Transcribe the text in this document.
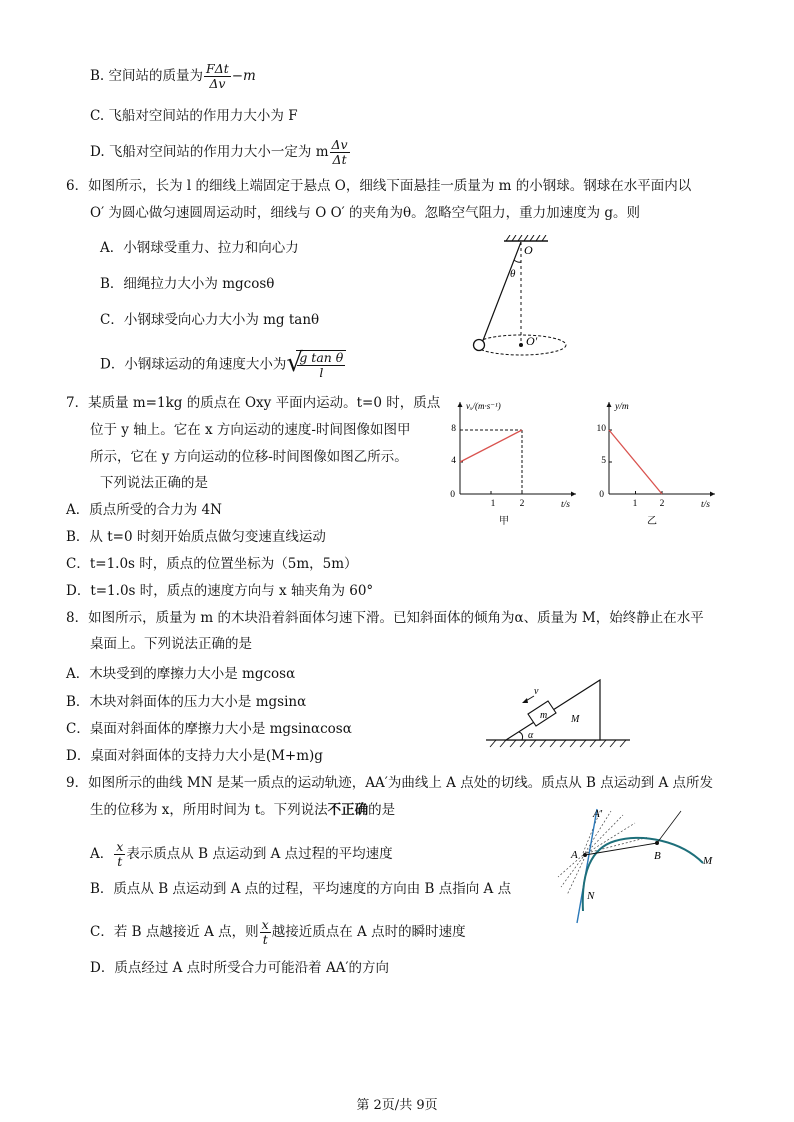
B. 空间站的质量为 $\frac{\text{FΔt}}{\Delta v} -m$
C. 飞船对空间站的作用力大小为 F
D. 飞船对空间站的作用力大小一定为 m $\frac{\Delta v}{\Delta t}$
6．如图所示，长为 l 的细线上端固定于悬点 O，细线下面悬挂一质量为 m 的小钢球。钢球在水平面内以
O′ 为圆心做匀速圆周运动时，细线与 O O′ 的夹角为θ。忽略空气阻力，重力加速度为 g。则
A．小钢球受重力、拉力和向心力
B．细绳拉力大小为 mgcosθ
C．小钢球受向心力大小为 mg tanθ
D．小钢球运动的角速度大小为 √
$\frac{\text{g tan θ}}{l}$
O
θ
O′
7．某质量 m=1kg 的质点在 Oxy 平面内运动。t=0 时，质点
位于 y 轴上。它在 x 方向运动的速度-时间图像如图甲
所示，它在 y 方向运动的位移-时间图像如图乙所示。
下列说法正确的是
A．质点所受的合力为 4N
B．从 t=0 时刻开始质点做匀变速直线运动
C．t=1.0s 时，质点的位置坐标为（5m，5m）
D．t=1.0s 时，质点的速度方向与 x 轴夹角为 60°
vₓ/(m·s⁻¹)
t/s
0
4
8
1	2
甲
y/m
t/s
0
5
10
1 2
乙
8．如图所示，质量为 m 的木块沿着斜面体匀速下滑。已知斜面体的倾角为α、质量为 M，始终静止在水平
桌面上。下列说法正确的是
A．木块受到的摩擦力大小是 mgcosα
B．木块对斜面体的压力大小是 mgsinα
C．桌面对斜面体的摩擦力大小是 mgsinαcosα
D．桌面对斜面体的支持力大小是(M+m)g
v
m M
α
9．如图所示的曲线 MN 是某一质点的运动轨迹，AA′为曲线上 A 点处的切线。质点从 B 点运动到 A 点所发
生的位移为 x，所用时间为 t。下列说法不正确的是
A． $\frac{x}{t}$ 表示质点从 B 点运动到 A 点过程的平均速度
B．质点从 B 点运动到 A 点的过程，平均速度的方向由 B 点指向 A 点
C．若 B 点越接近 A 点，则 $\frac{x}{t}$ 越接近质点在 A 点时的瞬时速度
D．质点经过 A 点时所受合力可能沿着 AA′的方向
A′
A	B	M
N
第 2页/共 9页
